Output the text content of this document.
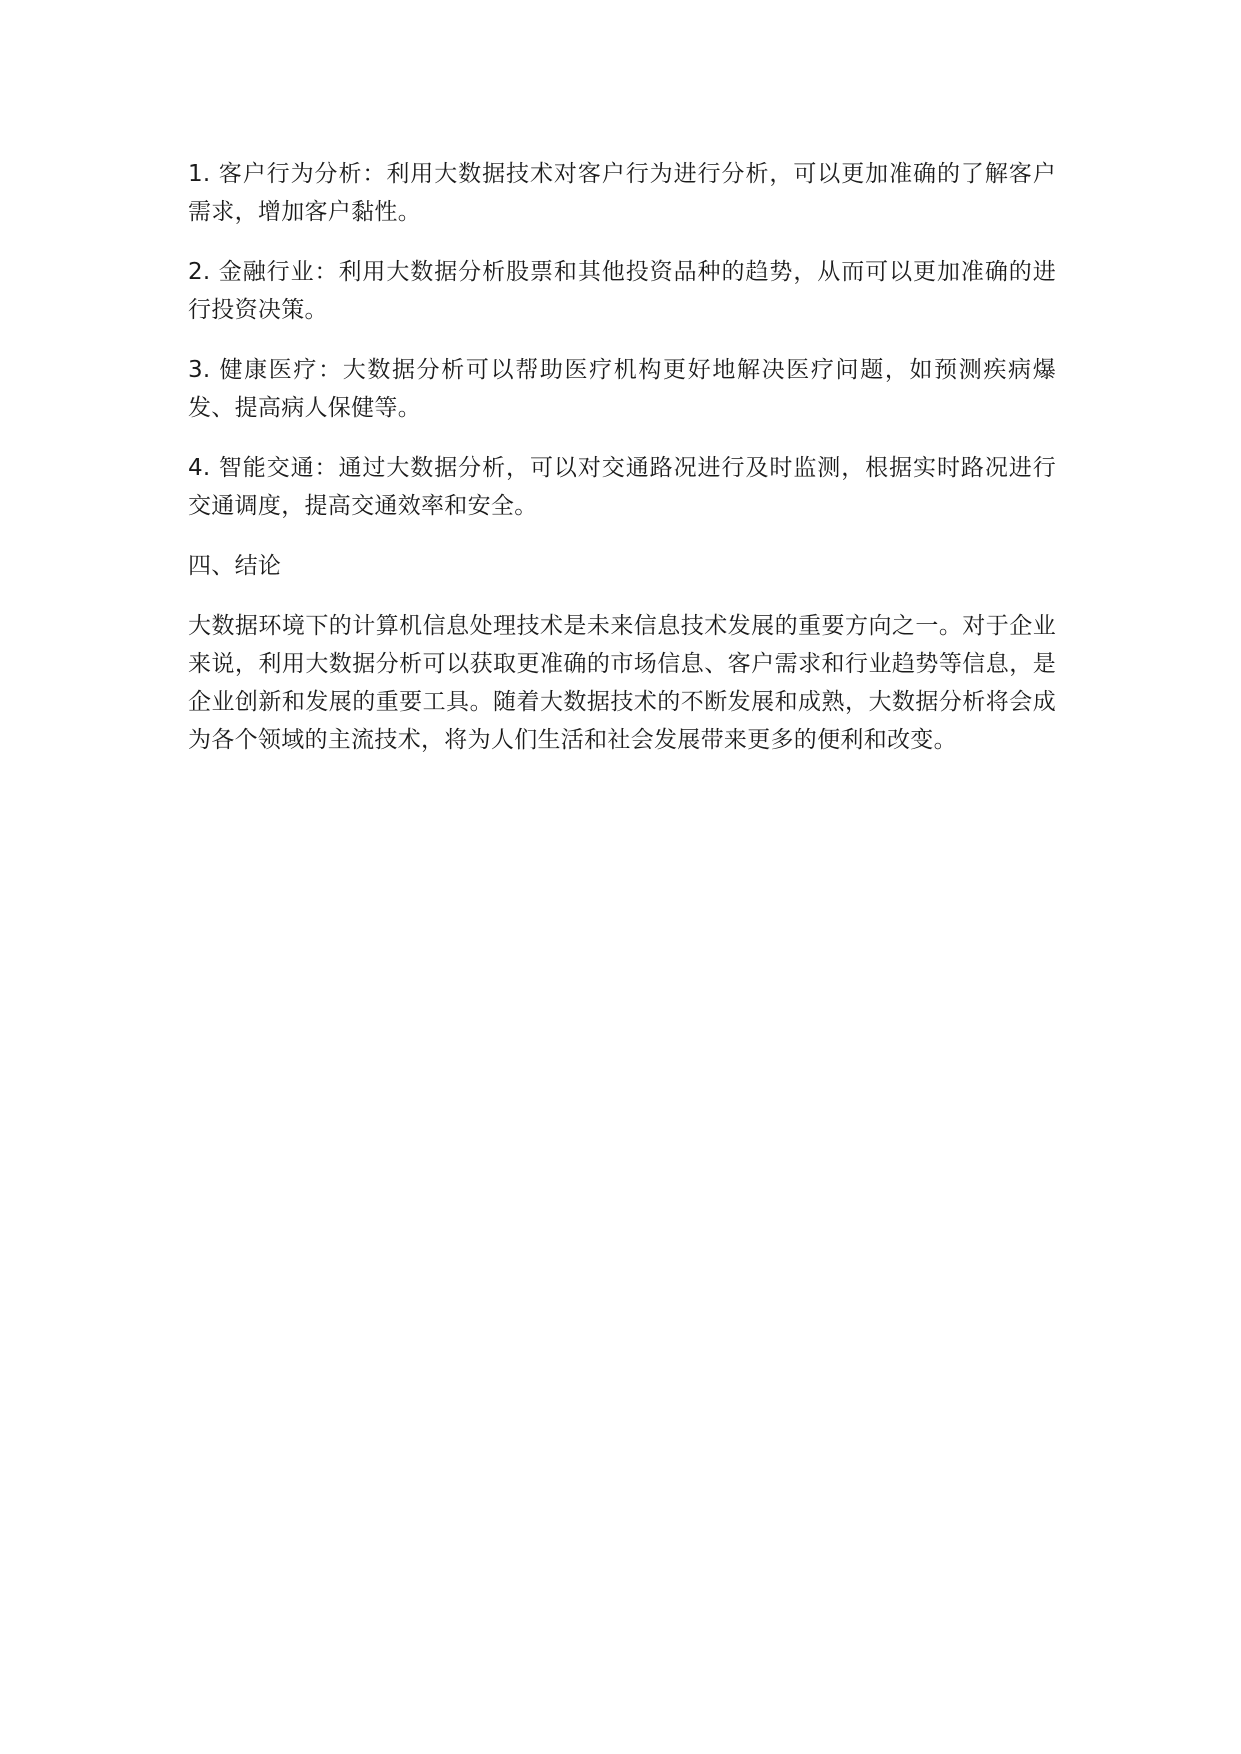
1. 客户行为分析：利用大数据技术对客户行为进行分析，可以更加准确的了解客户需求，增加客户黏性。

2. 金融行业：利用大数据分析股票和其他投资品种的趋势，从而可以更加准确的进行投资决策。

3. 健康医疗：大数据分析可以帮助医疗机构更好地解决医疗问题，如预测疾病爆发、提高病人保健等。

4. 智能交通：通过大数据分析，可以对交通路况进行及时监测，根据实时路况进行交通调度，提高交通效率和安全。

四、结论

大数据环境下的计算机信息处理技术是未来信息技术发展的重要方向之一。对于企业来说，利用大数据分析可以获取更准确的市场信息、客户需求和行业趋势等信息，是企业创新和发展的重要工具。随着大数据技术的不断发展和成熟，大数据分析将会成为各个领域的主流技术，将为人们生活和社会发展带来更多的便利和改变。
